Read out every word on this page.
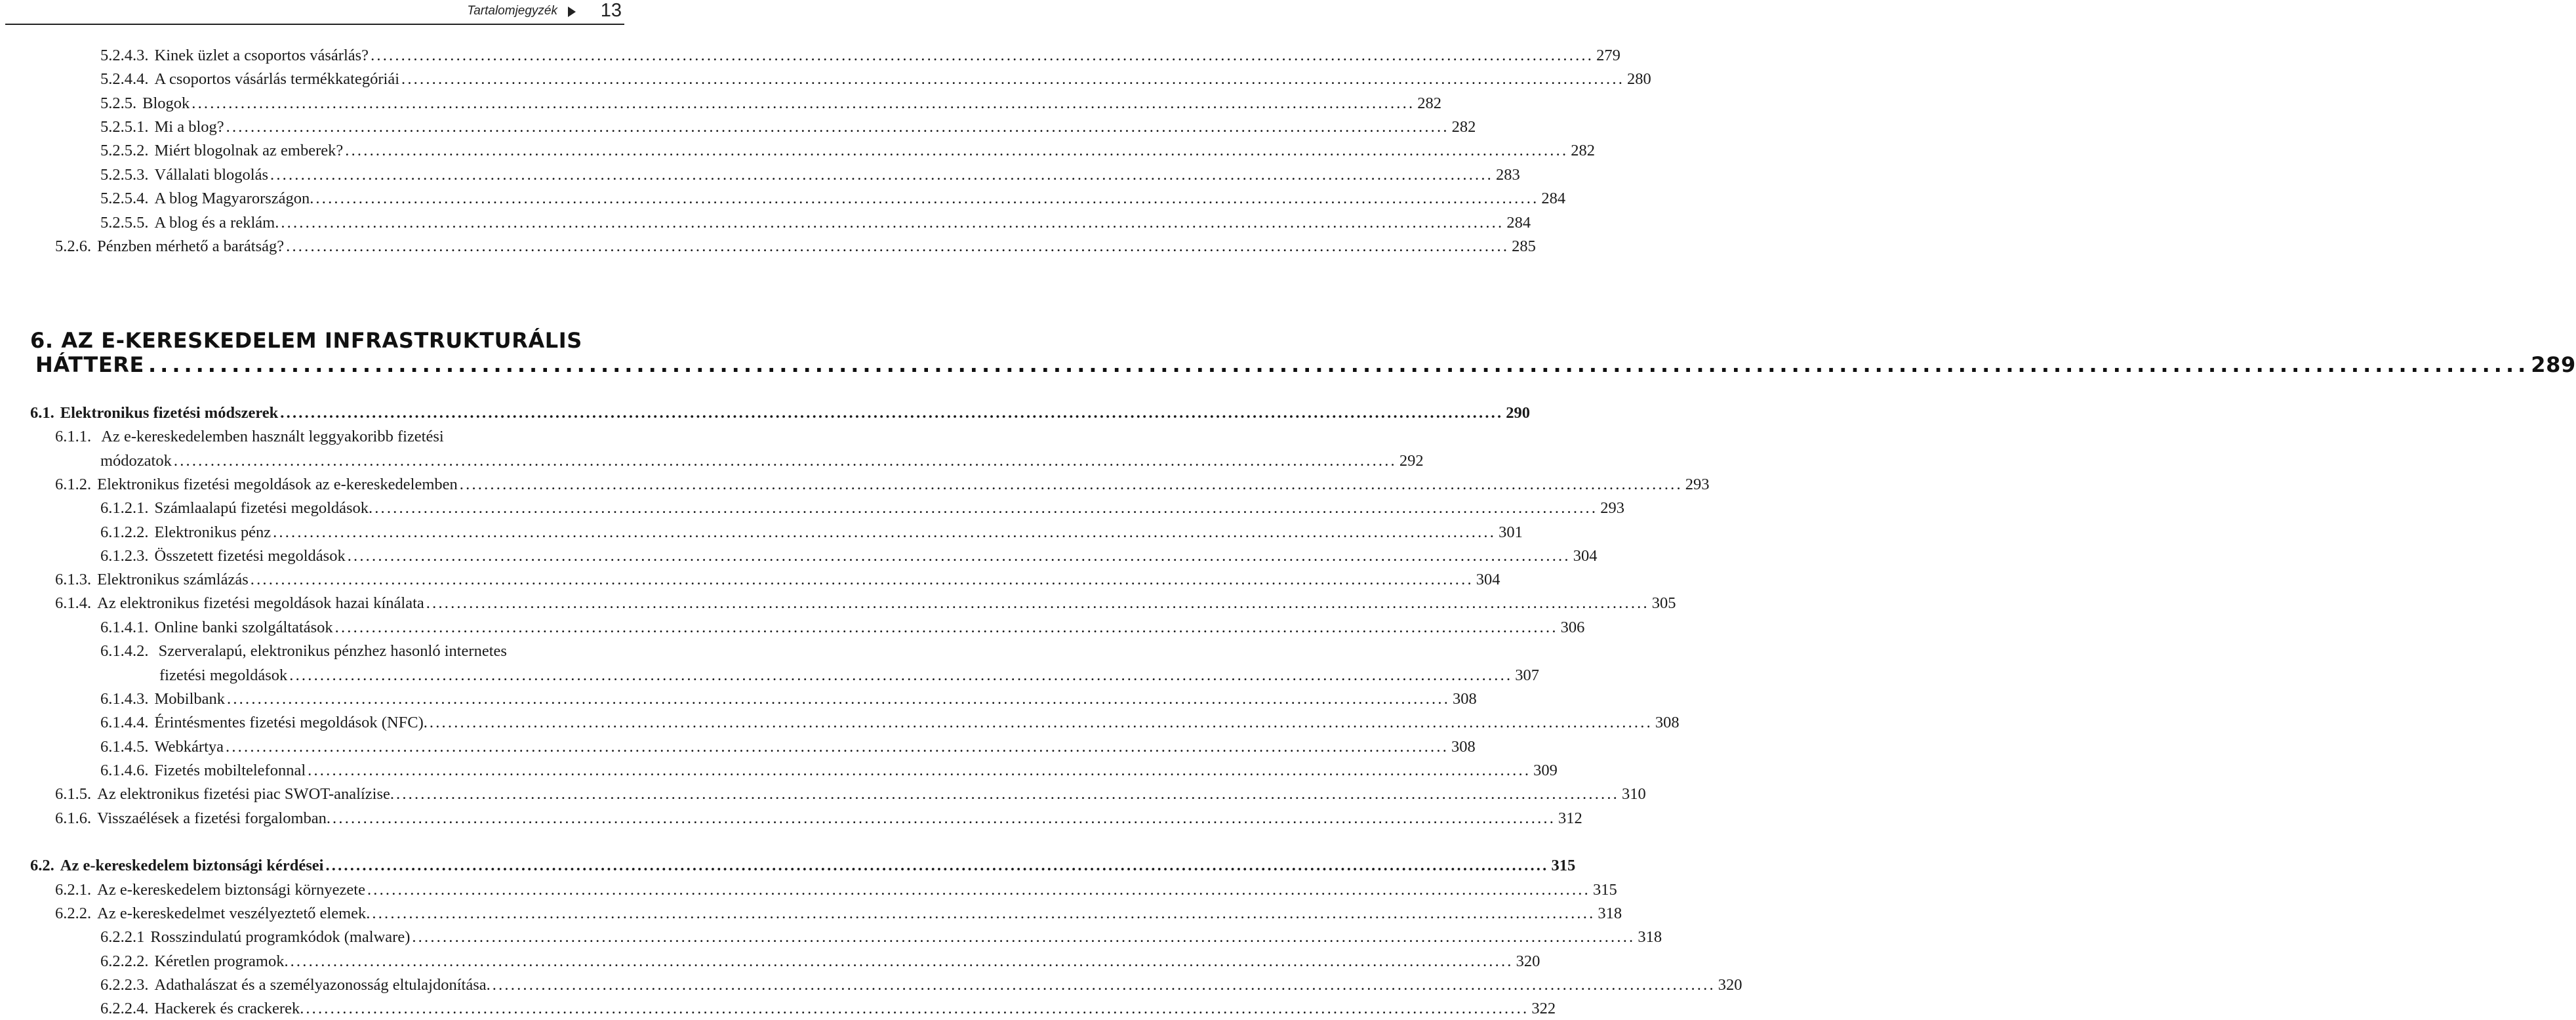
Tartalomjegyzék 13
5.2.4.3. Kinek üzlet a csoportos vásárlás? ........................................................................................................................................................................................................ 279
5.2.4.4. A csoportos vásárlás termékkategóriái ........................................................................................................................................................................................................ 280
5.2.5. Blogok ........................................................................................................................................................................................................ 282
5.2.5.1. Mi a blog? ........................................................................................................................................................................................................ 282
5.2.5.2. Miért blogolnak az emberek? ........................................................................................................................................................................................................ 282
5.2.5.3. Vállalati blogolás ........................................................................................................................................................................................................ 283
5.2.5.4. A blog Magyarországon. ........................................................................................................................................................................................................ 284
5.2.5.5. A blog és a reklám. ........................................................................................................................................................................................................ 284
5.2.6. Pénzben mérhető a barátság? ........................................................................................................................................................................................................ 285
6. AZ E-KERESKEDELEM INFRASTRUKTURÁLIS
HÁTTERE ........................................................................................................................................................................................................ 289
6.1. Elektronikus fizetési módszerek ........................................................................................................................................................................................................ 290
6.1.1. Az e-kereskedelemben használt leggyakoribb fizetési
módozatok ........................................................................................................................................................................................................ 292
6.1.2. Elektronikus fizetési megoldások az e-kereskedelemben ........................................................................................................................................................................................................ 293
6.1.2.1. Számlaalapú fizetési megoldások. ........................................................................................................................................................................................................ 293
6.1.2.2. Elektronikus pénz ........................................................................................................................................................................................................ 301
6.1.2.3. Összetett fizetési megoldások ........................................................................................................................................................................................................ 304
6.1.3. Elektronikus számlázás ........................................................................................................................................................................................................ 304
6.1.4. Az elektronikus fizetési megoldások hazai kínálata ........................................................................................................................................................................................................ 305
6.1.4.1. Online banki szolgáltatások ........................................................................................................................................................................................................ 306
6.1.4.2. Szerveralapú, elektronikus pénzhez hasonló internetes
fizetési megoldások ........................................................................................................................................................................................................ 307
6.1.4.3. Mobilbank ........................................................................................................................................................................................................ 308
6.1.4.4. Érintésmentes fizetési megoldások (NFC). ........................................................................................................................................................................................................ 308
6.1.4.5. Webkártya ........................................................................................................................................................................................................ 308
6.1.4.6. Fizetés mobiltelefonnal ........................................................................................................................................................................................................ 309
6.1.5. Az elektronikus fizetési piac SWOT-analízise. ........................................................................................................................................................................................................ 310
6.1.6. Visszaélések a fizetési forgalomban. ........................................................................................................................................................................................................ 312
6.2. Az e-kereskedelem biztonsági kérdései ........................................................................................................................................................................................................ 315
6.2.1. Az e-kereskedelem biztonsági környezete ........................................................................................................................................................................................................ 315
6.2.2. Az e-kereskedelmet veszélyeztető elemek. ........................................................................................................................................................................................................ 318
6.2.2.1 Rosszindulatú programkódok (malware) ........................................................................................................................................................................................................ 318
6.2.2.2. Kéretlen programok. ........................................................................................................................................................................................................ 320
6.2.2.3. Adathalászat és a személyazonosság eltulajdonítása. ........................................................................................................................................................................................................ 320
6.2.2.4. Hackerek és crackerek. ........................................................................................................................................................................................................ 322
